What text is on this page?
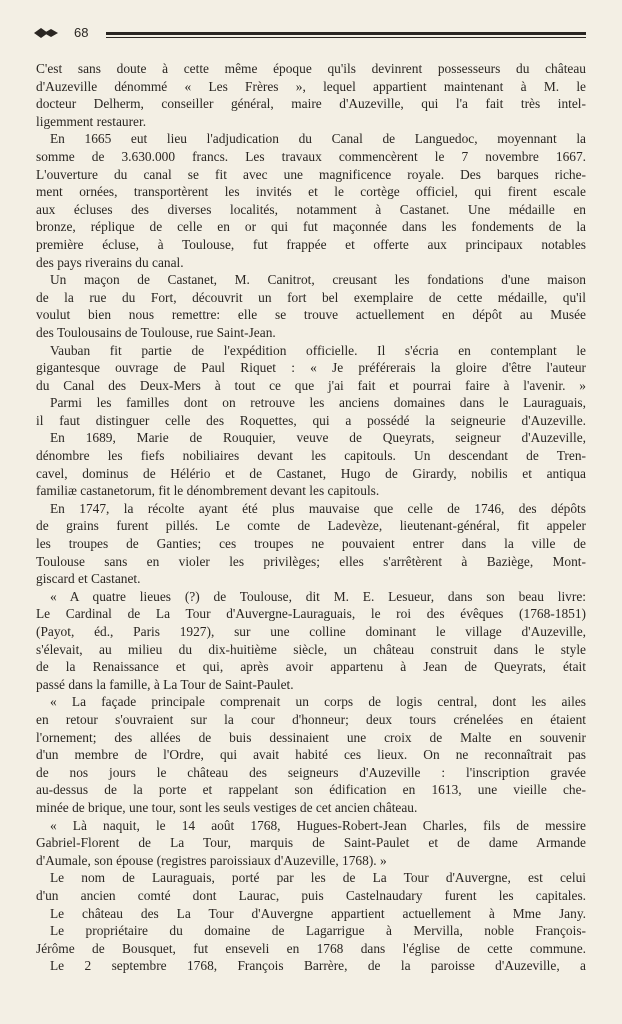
68
C'est sans doute à cette même époque qu'ils devinrent possesseurs du château
d'Auzeville dénommé « Les Frères », lequel appartient maintenant à M. le
docteur Delherm, conseiller général, maire d'Auzeville, qui l'a fait très intel-
ligemment restaurer.
En 1665 eut lieu l'adjudication du Canal de Languedoc, moyennant la
somme de 3.630.000 francs. Les travaux commencèrent le 7 novembre 1667.
L'ouverture du canal se fit avec une magnificence royale. Des barques riche-
ment ornées, transportèrent les invités et le cortège officiel, qui firent escale
aux écluses des diverses localités, notamment à Castanet. Une médaille en
bronze, réplique de celle en or qui fut maçonnée dans les fondements de la
première écluse, à Toulouse, fut frappée et offerte aux principaux notables
des pays riverains du canal.
Un maçon de Castanet, M. Canitrot, creusant les fondations d'une maison
de la rue du Fort, découvrit un fort bel exemplaire de cette médaille, qu'il
voulut bien nous remettre: elle se trouve actuellement en dépôt au Musée
des Toulousains de Toulouse, rue Saint-Jean.
Vauban fit partie de l'expédition officielle. Il s'écria en contemplant le
gigantesque ouvrage de Paul Riquet : « Je préférerais la gloire d'être l'auteur
du Canal des Deux-Mers à tout ce que j'ai fait et pourrai faire à l'avenir. »
Parmi les familles dont on retrouve les anciens domaines dans le Lauraguais,
il faut distinguer celle des Roquettes, qui a possédé la seigneurie d'Auzeville.
En 1689, Marie de Rouquier, veuve de Queyrats, seigneur d'Auzeville,
dénombre les fiefs nobiliaires devant les capitouls. Un descendant de Tren-
cavel, dominus de Hélério et de Castanet, Hugo de Girardy, nobilis et antiqua
familiæ castanetorum, fit le dénombrement devant les capitouls.
En 1747, la récolte ayant été plus mauvaise que celle de 1746, des dépôts
de grains furent pillés. Le comte de Ladevèze, lieutenant-général, fit appeler
les troupes de Ganties; ces troupes ne pouvaient entrer dans la ville de
Toulouse sans en violer les privilèges; elles s'arrêtèrent à Baziège, Mont-
giscard et Castanet.
« A quatre lieues (?) de Toulouse, dit M. E. Lesueur, dans son beau livre:
Le Cardinal de La Tour d'Auvergne-Lauraguais, le roi des évêques (1768-1851)
(Payot, éd., Paris 1927), sur une colline dominant le village d'Auzeville,
s'élevait, au milieu du dix-huitième siècle, un château construit dans le style
de la Renaissance et qui, après avoir appartenu à Jean de Queyrats, était
passé dans la famille, à La Tour de Saint-Paulet.
« La façade principale comprenait un corps de logis central, dont les ailes
en retour s'ouvraient sur la cour d'honneur; deux tours crénelées en étaient
l'ornement; des allées de buis dessinaient une croix de Malte en souvenir
d'un membre de l'Ordre, qui avait habité ces lieux. On ne reconnaîtrait pas
de nos jours le château des seigneurs d'Auzeville : l'inscription gravée
au-dessus de la porte et rappelant son édification en 1613, une vieille che-
minée de brique, une tour, sont les seuls vestiges de cet ancien château.
« Là naquit, le 14 août 1768, Hugues-Robert-Jean Charles, fils de messire
Gabriel-Florent de La Tour, marquis de Saint-Paulet et de dame Armande
d'Aumale, son épouse (registres paroissiaux d'Auzeville, 1768). »
Le nom de Lauraguais, porté par les de La Tour d'Auvergne, est celui
d'un ancien comté dont Laurac, puis Castelnaudary furent les capitales.
Le château des La Tour d'Auvergne appartient actuellement à Mme Jany.
Le propriétaire du domaine de Lagarrigue à Mervilla, noble François-
Jérôme de Bousquet, fut enseveli en 1768 dans l'église de cette commune.
Le 2 septembre 1768, François Barrère, de la paroisse d'Auzeville, a
